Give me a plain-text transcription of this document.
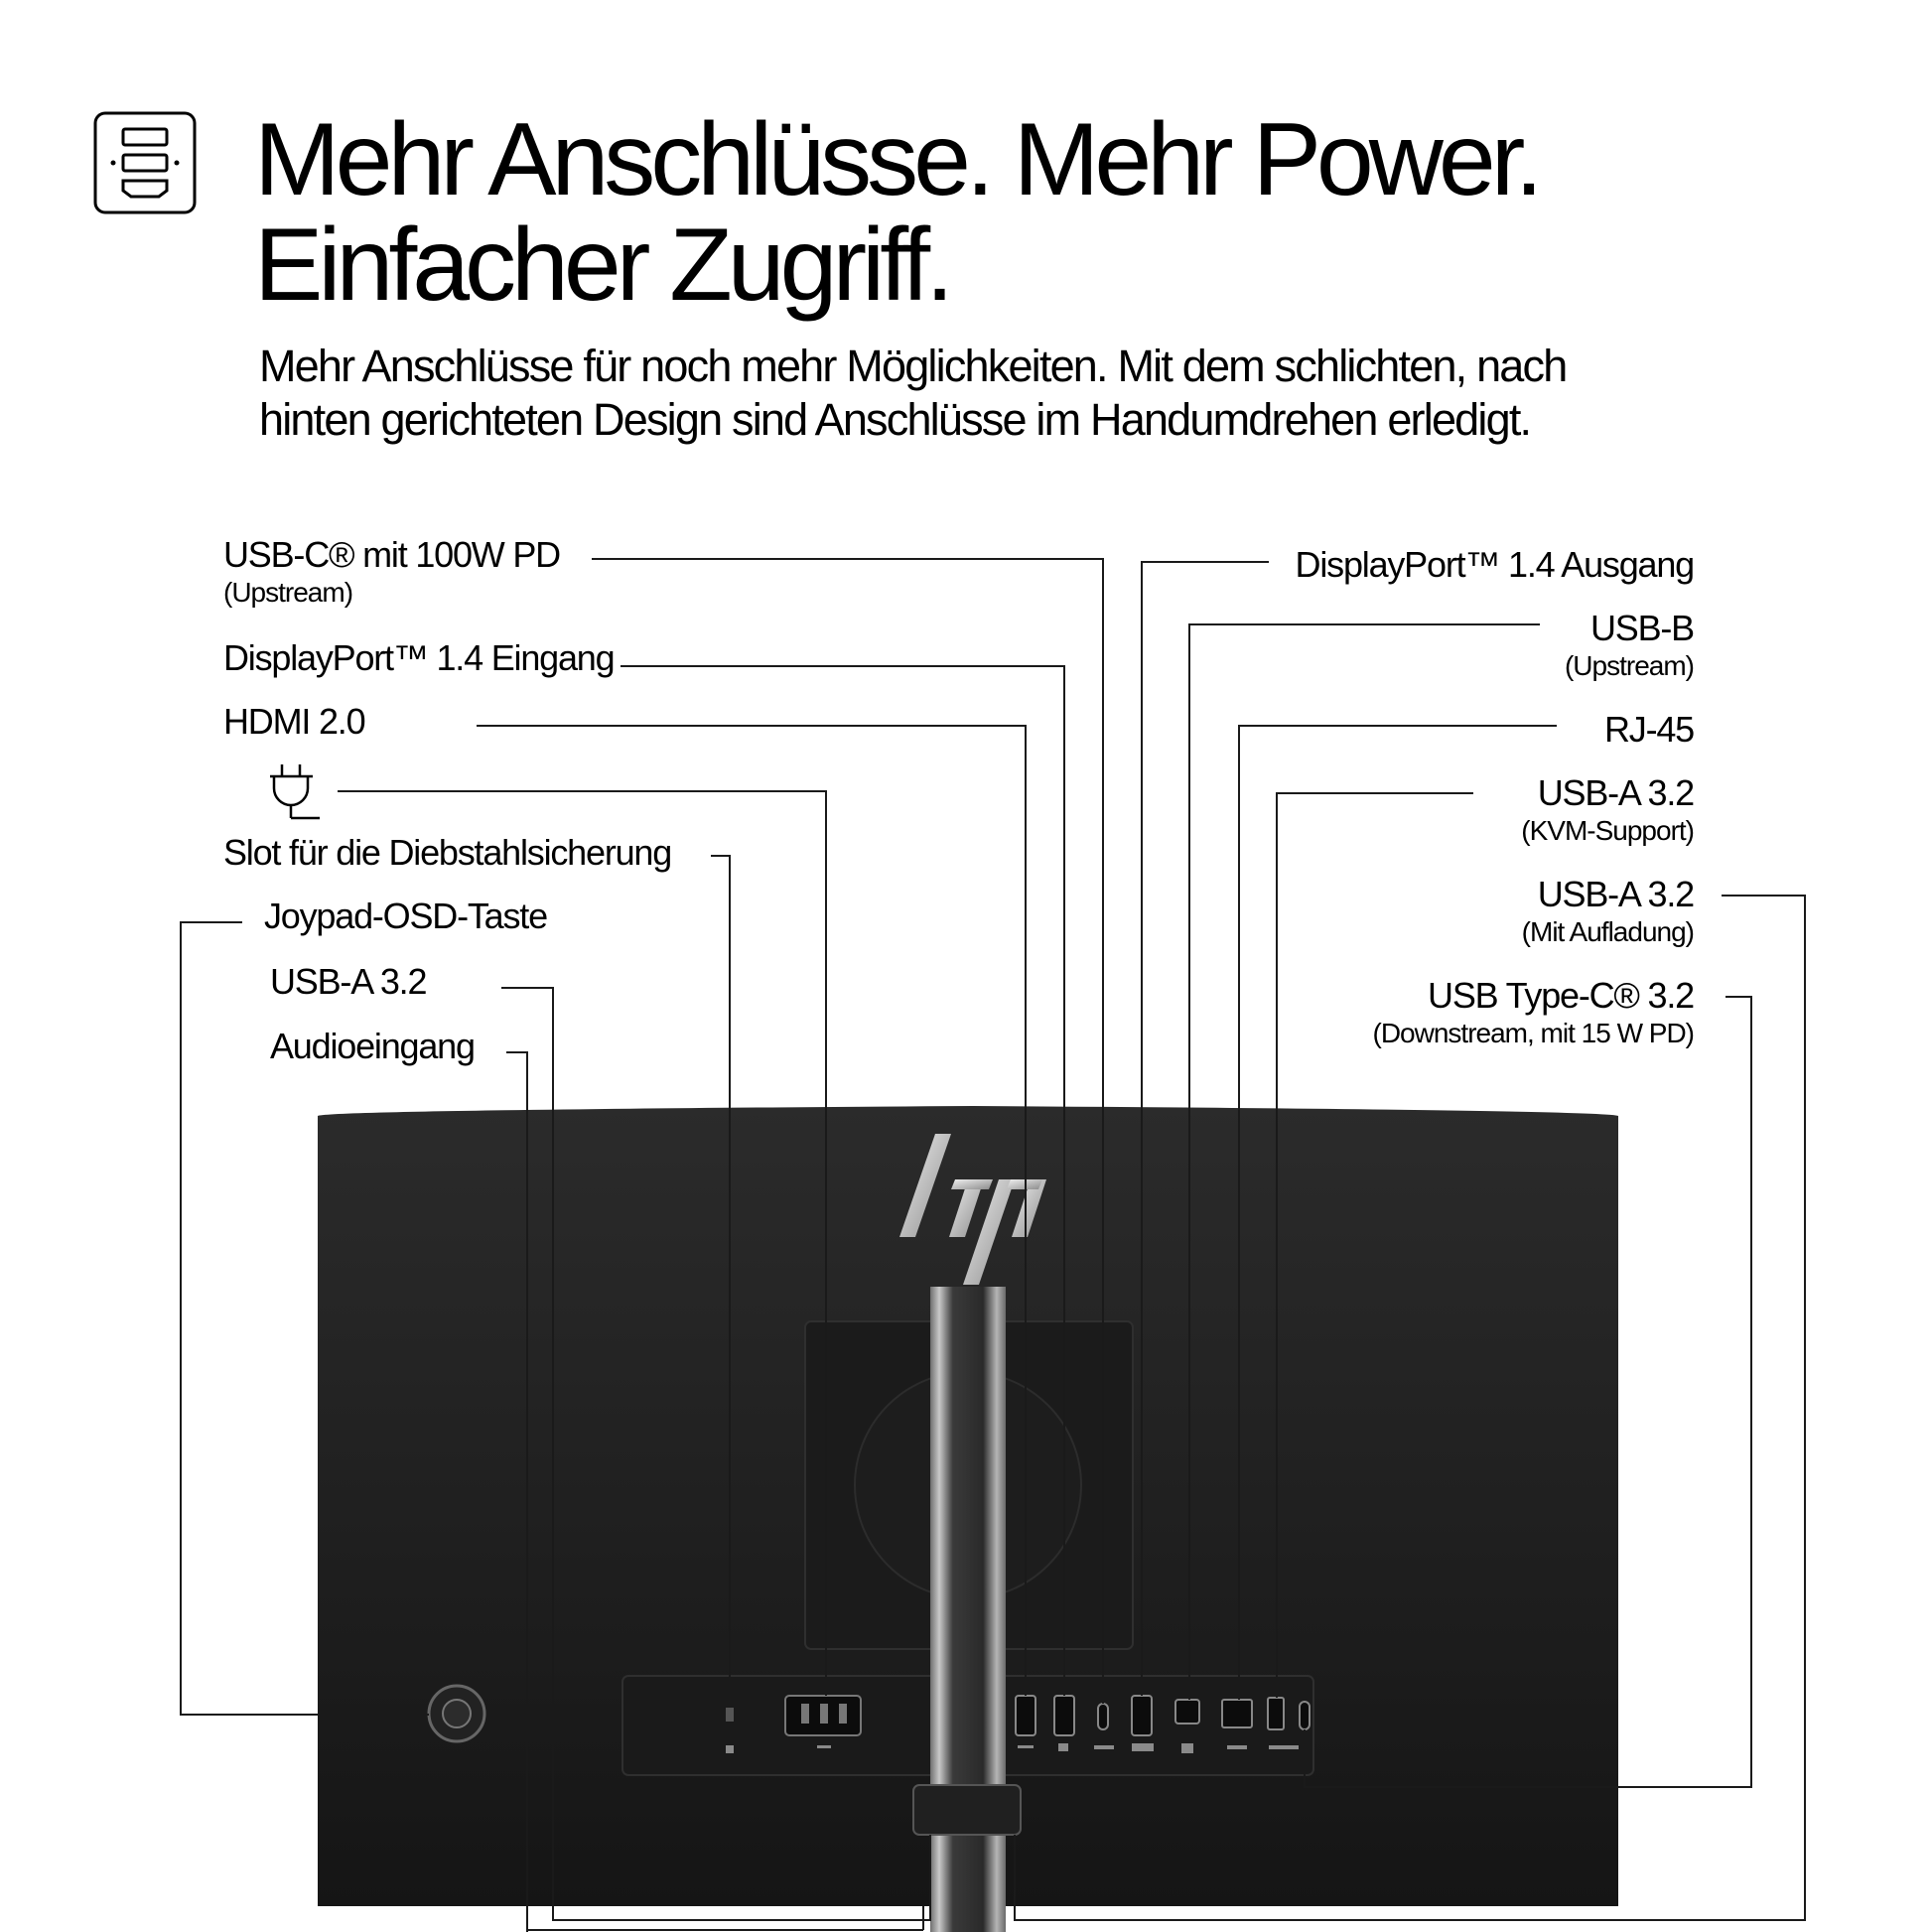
Mehr Anschlüsse. Mehr Power.
Einfacher Zugriff.

Mehr Anschlüsse für noch mehr Möglichkeiten. Mit dem schlichten, nach
hinten gerichteten Design sind Anschlüsse im Handumdrehen erledigt.

USB-C® mit 100W PD
(Upstream)
DisplayPort™ 1.4 Eingang
HDMI 2.0
Slot für die Diebstahlsicherung
Joypad-OSD-Taste
USB-A 3.2
Audioeingang
DisplayPort™ 1.4 Ausgang
USB-B
(Upstream)
RJ-45
USB-A 3.2
(KVM-Support)
USB-A 3.2
(Mit Aufladung)
USB Type-C® 3.2
(Downstream, mit 15 W PD)
